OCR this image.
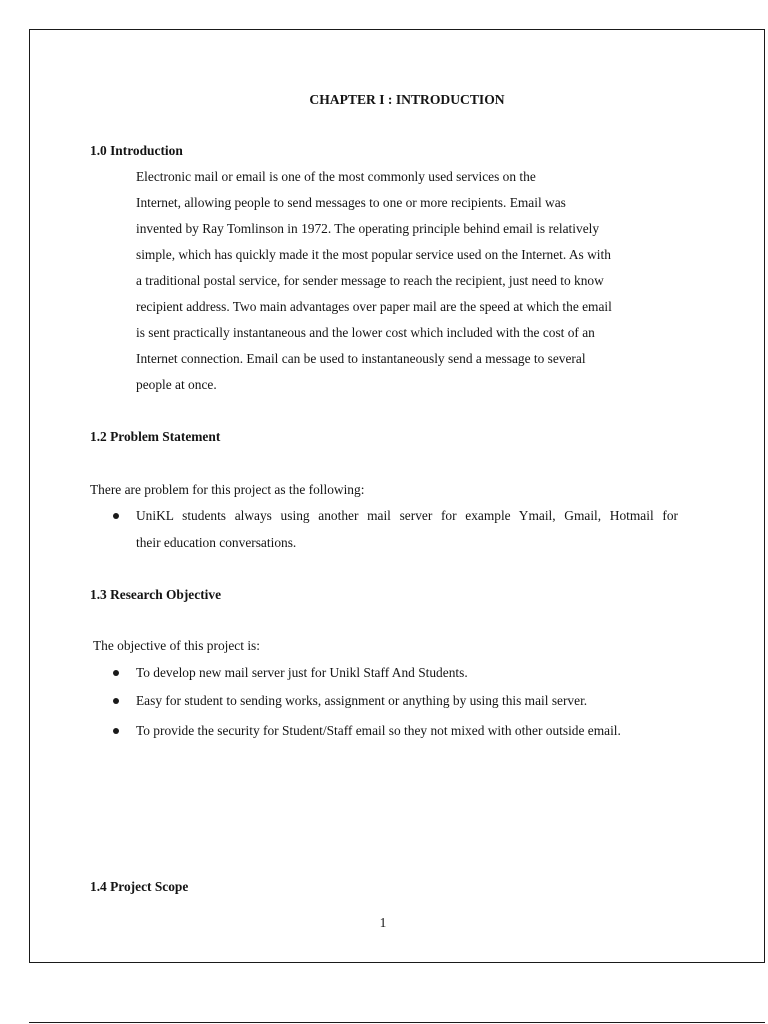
CHAPTER I : INTRODUCTION
1.0 Introduction
Electronic mail or email is one of the most commonly used services on the
Internet, allowing people to send messages to one or more recipients. Email was
invented by Ray Tomlinson in 1972. The operating principle behind email is relatively
simple, which has quickly made it the most popular service used on the Internet. As with
a traditional postal service, for sender message to reach the recipient, just need to know
recipient address. Two main advantages over paper mail are the speed at which the email
is sent practically instantaneous and the lower cost which included with the cost of an
Internet connection. Email can be used to instantaneously send a message to several
people at once.
1.2 Problem Statement
There are problem for this project as the following:
UniKL students always using another mail server for example Ymail, Gmail, Hotmail for
their education conversations.
1.3 Research Objective
The objective of this project is:
To develop new mail server just for Unikl Staff And Students.
Easy for student to sending works, assignment or anything by using this mail server.
To provide the security for Student/Staff email so they not mixed with other outside email.
1.4 Project Scope
1
